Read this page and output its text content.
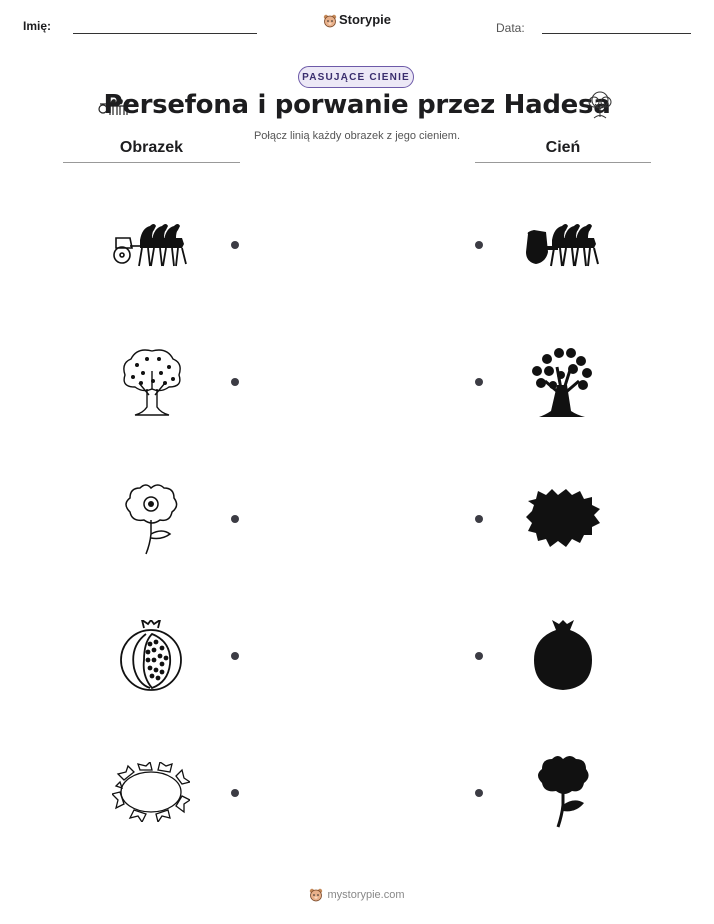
Imię:	Storypie
Data:
PASUJĄCE CIENIE
Persefona i porwanie przez Hadesa
Połącz linią każdy obrazek z jego cieniem.
Obrazek	Cień
mystorypie.com
